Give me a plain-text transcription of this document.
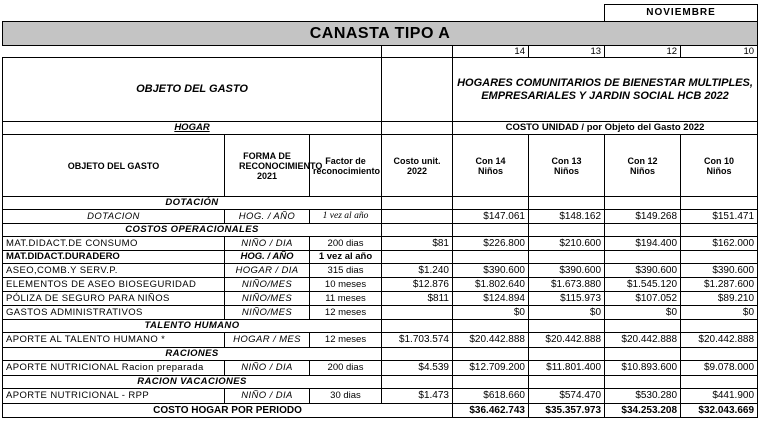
						NOVIEMBRE	
CANASTA TIPO A							
				14	13	12	10
OBJETO DEL GASTO				HOGARES COMUNITARIOS DE BIENESTAR MULTIPLES, EMPRESARIALES Y JARDIN SOCIAL HCB 2022			
HOGAR				COSTO UNIDAD / por Objeto del Gasto 2022			
OBJETO DEL GASTO	FORMA DE RECONOCIMIENTO 2021	Factor de reconocimiento	Costo unit. 2022	Con 14 Niños	Con 13 Niños	Con 12 Niños	Con 10 Niños
DOTACIÓN							
DOTACION	HOG. / AÑO	1 vez al año		$147.061	$148.162	$149.268	$151.471
COSTOS OPERACIONALES							
MAT.DIDACT.DE CONSUMO	NIÑO / DIA	200 dias	$81	$226.800	$210.600	$194.400	$162.000
MAT.DIDACT.DURADERO	HOG. / AÑO	1 vez al año					
ASEO,COMB.Y SERV.P.	HOGAR / DIA	315 dias	$1.240	$390.600	$390.600	$390.600	$390.600
ELEMENTOS DE ASEO BIOSEGURIDAD	NIÑO/MES	10 meses	$12.876	$1.802.640	$1.673.880	$1.545.120	$1.287.600
PÓLIZA DE SEGURO PARA NIÑOS	NIÑO/MES	11 meses	$811	$124.894	$115.973	$107.052	$89.210
GASTOS ADMINISTRATIVOS	NIÑO/MES	12 meses		$0	$0	$0	$0
TALENTO HUMANO							
APORTE AL TALENTO HUMANO *	HOGAR / MES	12 meses	$1.703.574	$20.442.888	$20.442.888	$20.442.888	$20.442.888
RACIONES							
APORTE NUTRICIONAL Racion preparada	NIÑO / DIA	200 dias	$4.539	$12.709.200	$11.801.400	$10.893.600	$9.078.000
RACION VACACIONES							
APORTE NUTRICIONAL - RPP	NIÑO / DIA	30 dias	$1.473	$618.660	$574.470	$530.280	$441.900
COSTO HOGAR POR PERIODO				$36.462.743	$35.357.973	$34.253.208	$32.043.669
